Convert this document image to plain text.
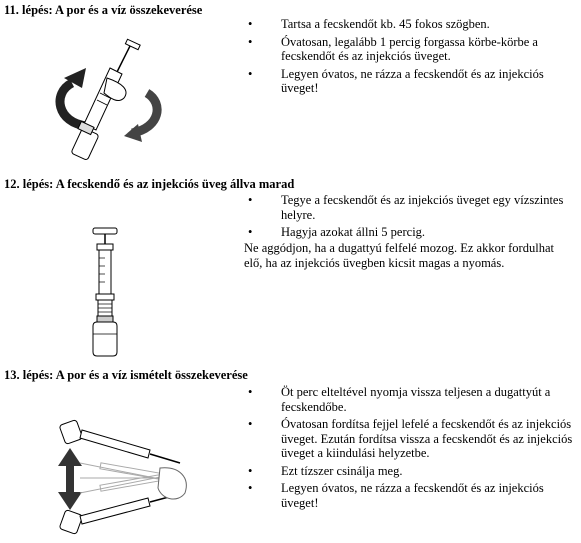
11. lépés: A por és a víz összekeverése
• Tartsa a fecskendőt kb. 45 fokos szögben.
• Óvatosan, legalább 1 percig forgassa körbe-körbe a fecskendőt és az injekciós üveget.
• Legyen óvatos, ne rázza a fecskendőt és az injekciós üveget!
12. lépés: A fecskendő és az injekciós üveg állva marad
• Tegye a fecskendőt és az injekciós üveget egy vízszintes helyre.
• Hagyja azokat állni 5 percig.
Ne aggódjon, ha a dugattyú felfelé mozog. Ez akkor fordulhat elő, ha az injekciós üvegben kicsit magas a nyomás.
13. lépés: A por és a víz ismételt összekeverése
• Öt perc elteltével nyomja vissza teljesen a dugattyút a fecskendőbe.
• Óvatosan fordítsa fejjel lefelé a fecskendőt és az injekciós üveget. Ezután fordítsa vissza a fecskendőt és az injekciós üveget a kiindulási helyzetbe.
• Ezt tízszer csinálja meg.
• Legyen óvatos, ne rázza a fecskendőt és az injekciós üveget!
